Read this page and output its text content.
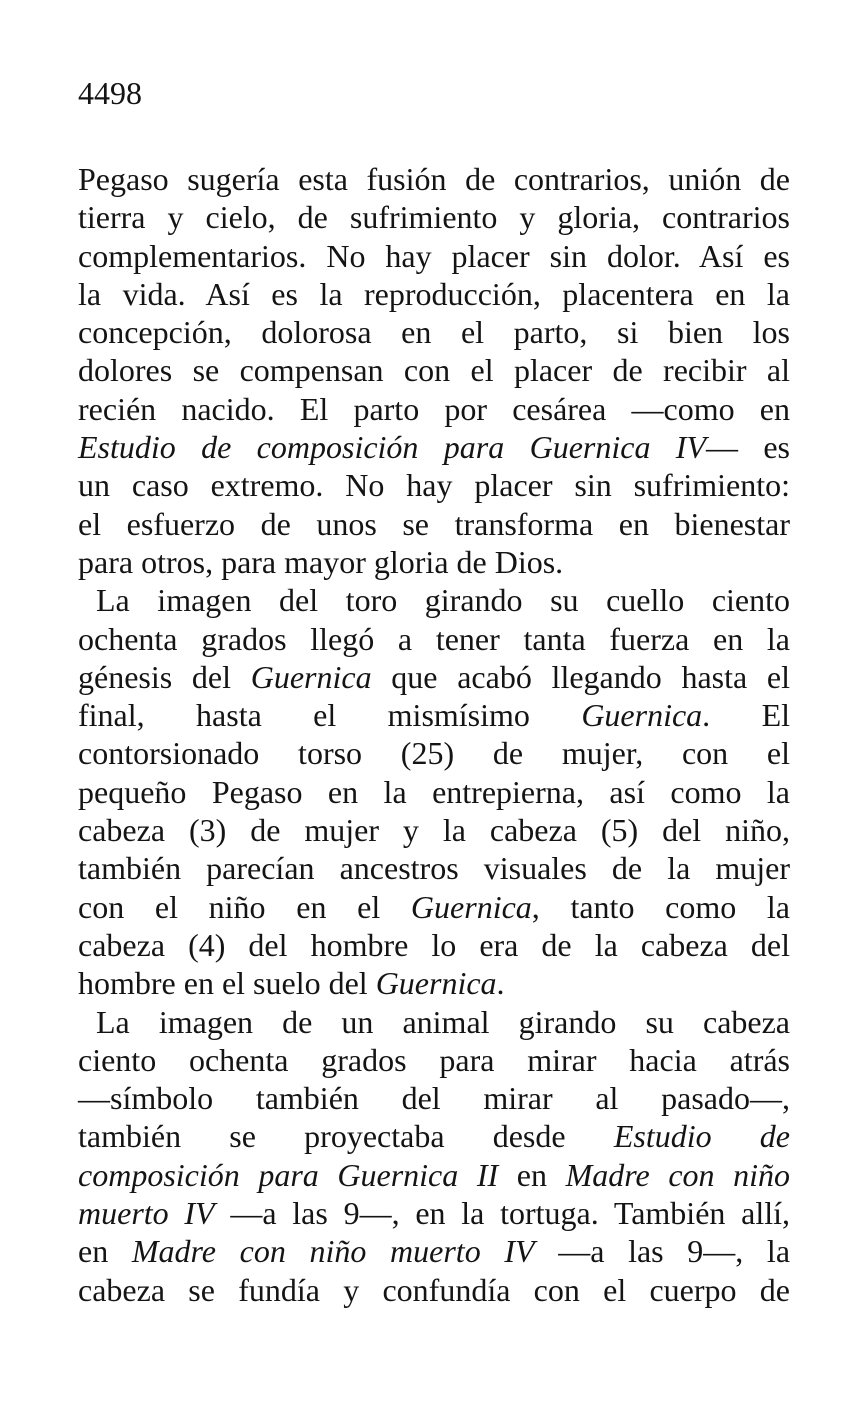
4498
Pegaso sugería esta fusión de contrarios, unión de
tierra y cielo, de sufrimiento y gloria, contrarios
complementarios. No hay placer sin dolor. Así es
la vida. Así es la reproducción, placentera en la
concepción, dolorosa en el parto, si bien los
dolores se compensan con el placer de recibir al
recién nacido. El parto por cesárea —como en
Estudio de composición para Guernica IV— es
un caso extremo. No hay placer sin sufrimiento:
el esfuerzo de unos se transforma en bienestar
para otros, para mayor gloria de Dios.
La imagen del toro girando su cuello ciento
ochenta grados llegó a tener tanta fuerza en la
génesis del Guernica que acabó llegando hasta el
final, hasta el mismísimo Guernica. El
contorsionado torso (25) de mujer, con el
pequeño Pegaso en la entrepierna, así como la
cabeza (3) de mujer y la cabeza (5) del niño,
también parecían ancestros visuales de la mujer
con el niño en el Guernica, tanto como la
cabeza (4) del hombre lo era de la cabeza del
hombre en el suelo del Guernica.
La imagen de un animal girando su cabeza
ciento ochenta grados para mirar hacia atrás
—símbolo también del mirar al pasado—,
también se proyectaba desde Estudio de
composición para Guernica II en Madre con niño
muerto IV —a las 9—, en la tortuga. También allí,
en Madre con niño muerto IV —a las 9—, la
cabeza se fundía y confundía con el cuerpo de
